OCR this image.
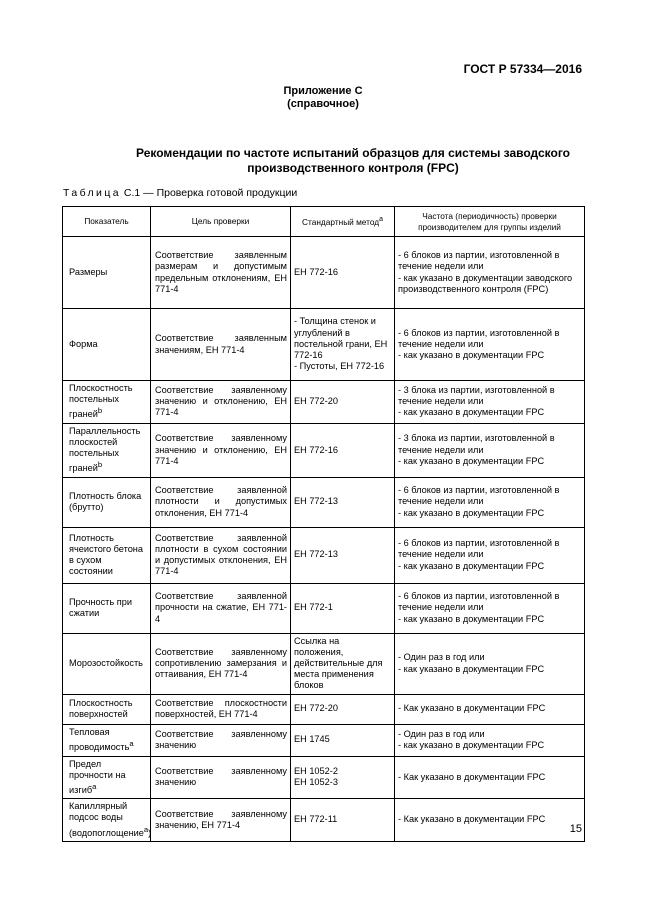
ГОСТ Р 57334—2016
Приложение С
(справочное)
Рекомендации по частоте испытаний образцов для системы заводского производственного контроля (FPC)
Таблица С.1 — Проверка готовой продукции
Показатель	Цель проверки	Стандартный метод$^а$	Частота (периодичность) проверки производителем для группы изделий
Размеры	Соответствие заявленным размерам и допустимым предельным отклонениям, ЕН 771-4	ЕН 772-16	- 6 блоков из партии, изготовленной в течение недели или
- как указано в документации заводского производственного контроля (FPC)

Форма	Соответствие заявленным значениям, ЕН 771-4	- Толщина стенок и углублений в постельной грани, ЕН 772-16
- Пустоты, ЕН 772-16	- 6 блоков из партии, изготовленной в течение недели или
- как указано в документации FPC

Плоскостность постельных граней$^b$	Соответствие заявленному значению и отклонению, ЕН 771-4	ЕН 772-20	- 3 блока из партии, изготовленной в течение недели или
- как указано в документации FPC

Параллельность плоскостей постельных граней$^b$	Соответствие заявленному значению и отклонению, ЕН 771-4	ЕН 772-16	- 3 блока из партии, изготовленной в течение недели или
- как указано в документации FPC

Плотность блока (брутто)	Соответствие заявленной плотности и допустимых отклонения, ЕН 771-4	ЕН 772-13	- 6 блоков из партии, изготовленной в течение недели или
- как указано в документации FPC

Плотность ячеистого бетона в сухом состоянии	Соответствие заявленной плотности в сухом состоянии и допустимых отклонения, ЕН 771-4	ЕН 772-13	- 6 блоков из партии, изготовленной в течение недели или
- как указано в документации FPC

Прочность при сжатии	Соответствие заявленной прочности на сжатие, ЕН 771-4	ЕН 772-1	- 6 блоков из партии, изготовленной в течение недели или
- как указано в документации FPC

Морозостойкость	Соответствие заявленному сопротивлению замерзания и оттаивания, ЕН 771-4	Ссылка на положения, действительные для места применения блоков	- Один раз в год или
- как указано в документации FPC

Плоскостность поверхностей	Соответствие плоскостности поверхностей, ЕН 771-4	ЕН 772-20	- Как указано в документации FPC

Тепловая проводимость$^а$	Соответствие заявленному значению	ЕН 1745	- Один раз в год или
- как указано в документации FPC

Предел прочности на изгиб$^а$	Соответствие заявленному значению	ЕН 1052-2
ЕН 1052-3	- Как указано в документации FPC

Капиллярный подсос воды (водопоглощение$^а$)	Соответствие заявленному значению, ЕН 771-4	ЕН 772-11	- Как указано в документации FPC
15
